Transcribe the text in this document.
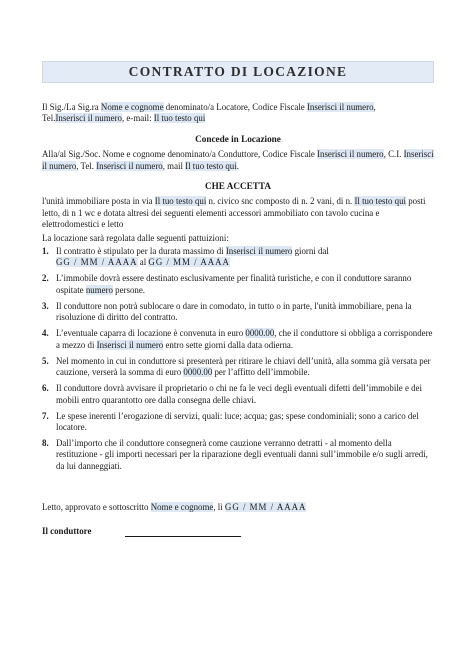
CONTRATTO DI LOCAZIONE

Il Sig./La Sig.ra Nome e cognome denominato/a Locatore, Codice Fiscale Inserisci il numero,
Tel.Inserisci il numero, e-mail: Il tuo testo qui

Concede in Locazione

Alla/al Sig./Soc. Nome e cognome denominato/a Conduttore, Codice Fiscale Inserisci il numero, C.I. Inserisci il numero, Tel. Inserisci il numero, mail Il tuo testo qui.

CHE ACCETTA

l'unità immobiliare posta in via Il tuo testo qui n. civico snc composto di n. 2 vani, di n. Il tuo testo qui posti letto, di n 1 wc e dotata altresì dei seguenti elementi accessori ammobiliato con tavolo cucina e elettrodomestici e letto

La locazione sarà regolata dalle seguenti pattuizioni:

1. Il contratto è stipulato per la durata massimo di Inserisci il numero giorni dal
GG / MM / AAAA al GG / MM / AAAA
2. L’immobile dovrà essere destinato esclusivamente per finalità turistiche, e con il conduttore saranno ospitate numero persone.
3. Il conduttore non potrà sublocare o dare in comodato, in tutto o in parte, l'unità immobiliare, pena la risoluzione di diritto del contratto.
4. L’eventuale caparra di locazione è convenuta in euro 0000.00, che il conduttore si obbliga a corrispondere a mezzo di Inserisci il numero entro sette giorni dalla data odierna.
5. Nel momento in cui in conduttore si presenterà per ritirare le chiavi dell’unità, alla somma già versata per cauzione, verserà la somma di euro 0000.00 per l’affitto dell’immobile.
6. Il conduttore dovrà avvisare il proprietario o chi ne fa le veci degli eventuali difetti dell’immobile e dei mobili entro quarantotto ore dalla consegna delle chiavi.
7. Le spese inerenti l’erogazione di servizi, quali: luce; acqua; gas; spese condominiali; sono a carico del locatore.
8. Dall’importo che il conduttore consegnerà come cauzione verranno detratti - al momento della restituzione - gli importi necessari per la riparazione degli eventuali danni sull’immobile e/o sugli arredi, da lui danneggiati.

Letto, approvato e sottoscritto Nome e cognome, lì GG / MM / AAAA

Il conduttore
